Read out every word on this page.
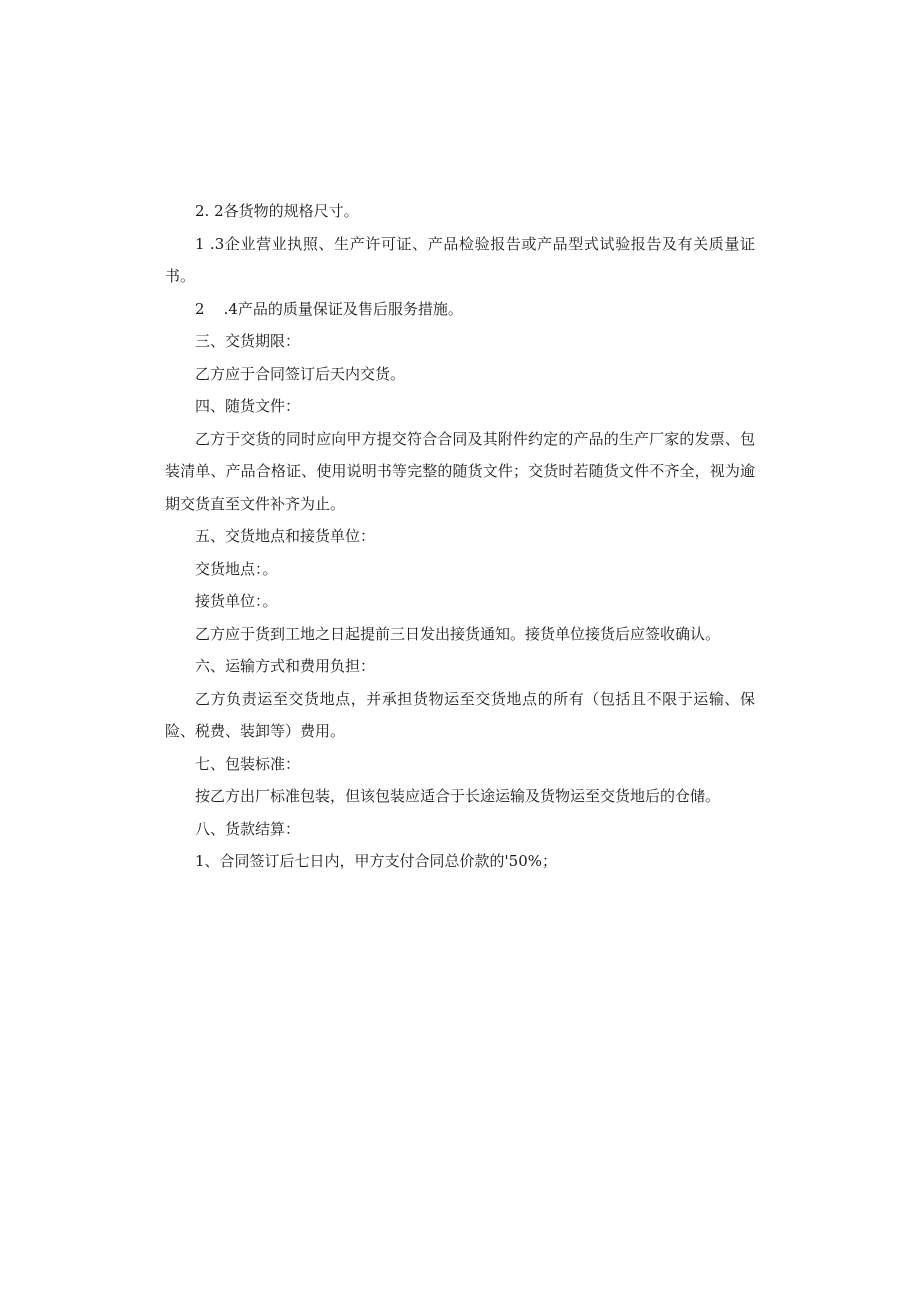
2. 2各货物的规格尺寸。

1 .3企业营业执照、生产许可证、产品检验报告或产品型式试验报告及有关质量证书。

2    .4产品的质量保证及售后服务措施。

三、交货期限：

乙方应于合同签订后天内交货。

四、随货文件：

乙方于交货的同时应向甲方提交符合合同及其附件约定的产品的生产厂家的发票、包装清单、产品合格证、使用说明书等完整的随货文件；交货时若随货文件不齐全，视为逾期交货直至文件补齐为止。

五、交货地点和接货单位：

交货地点：。

接货单位：。

乙方应于货到工地之日起提前三日发出接货通知。接货单位接货后应签收确认。

六、运输方式和费用负担：

乙方负责运至交货地点，并承担货物运至交货地点的所有（包括且不限于运输、保险、税费、装卸等）费用。

七、包装标准：

按乙方出厂标准包装，但该包装应适合于长途运输及货物运至交货地后的仓储。

八、货款结算：

1、合同签订后七日内，甲方支付合同总价款的'50%；
